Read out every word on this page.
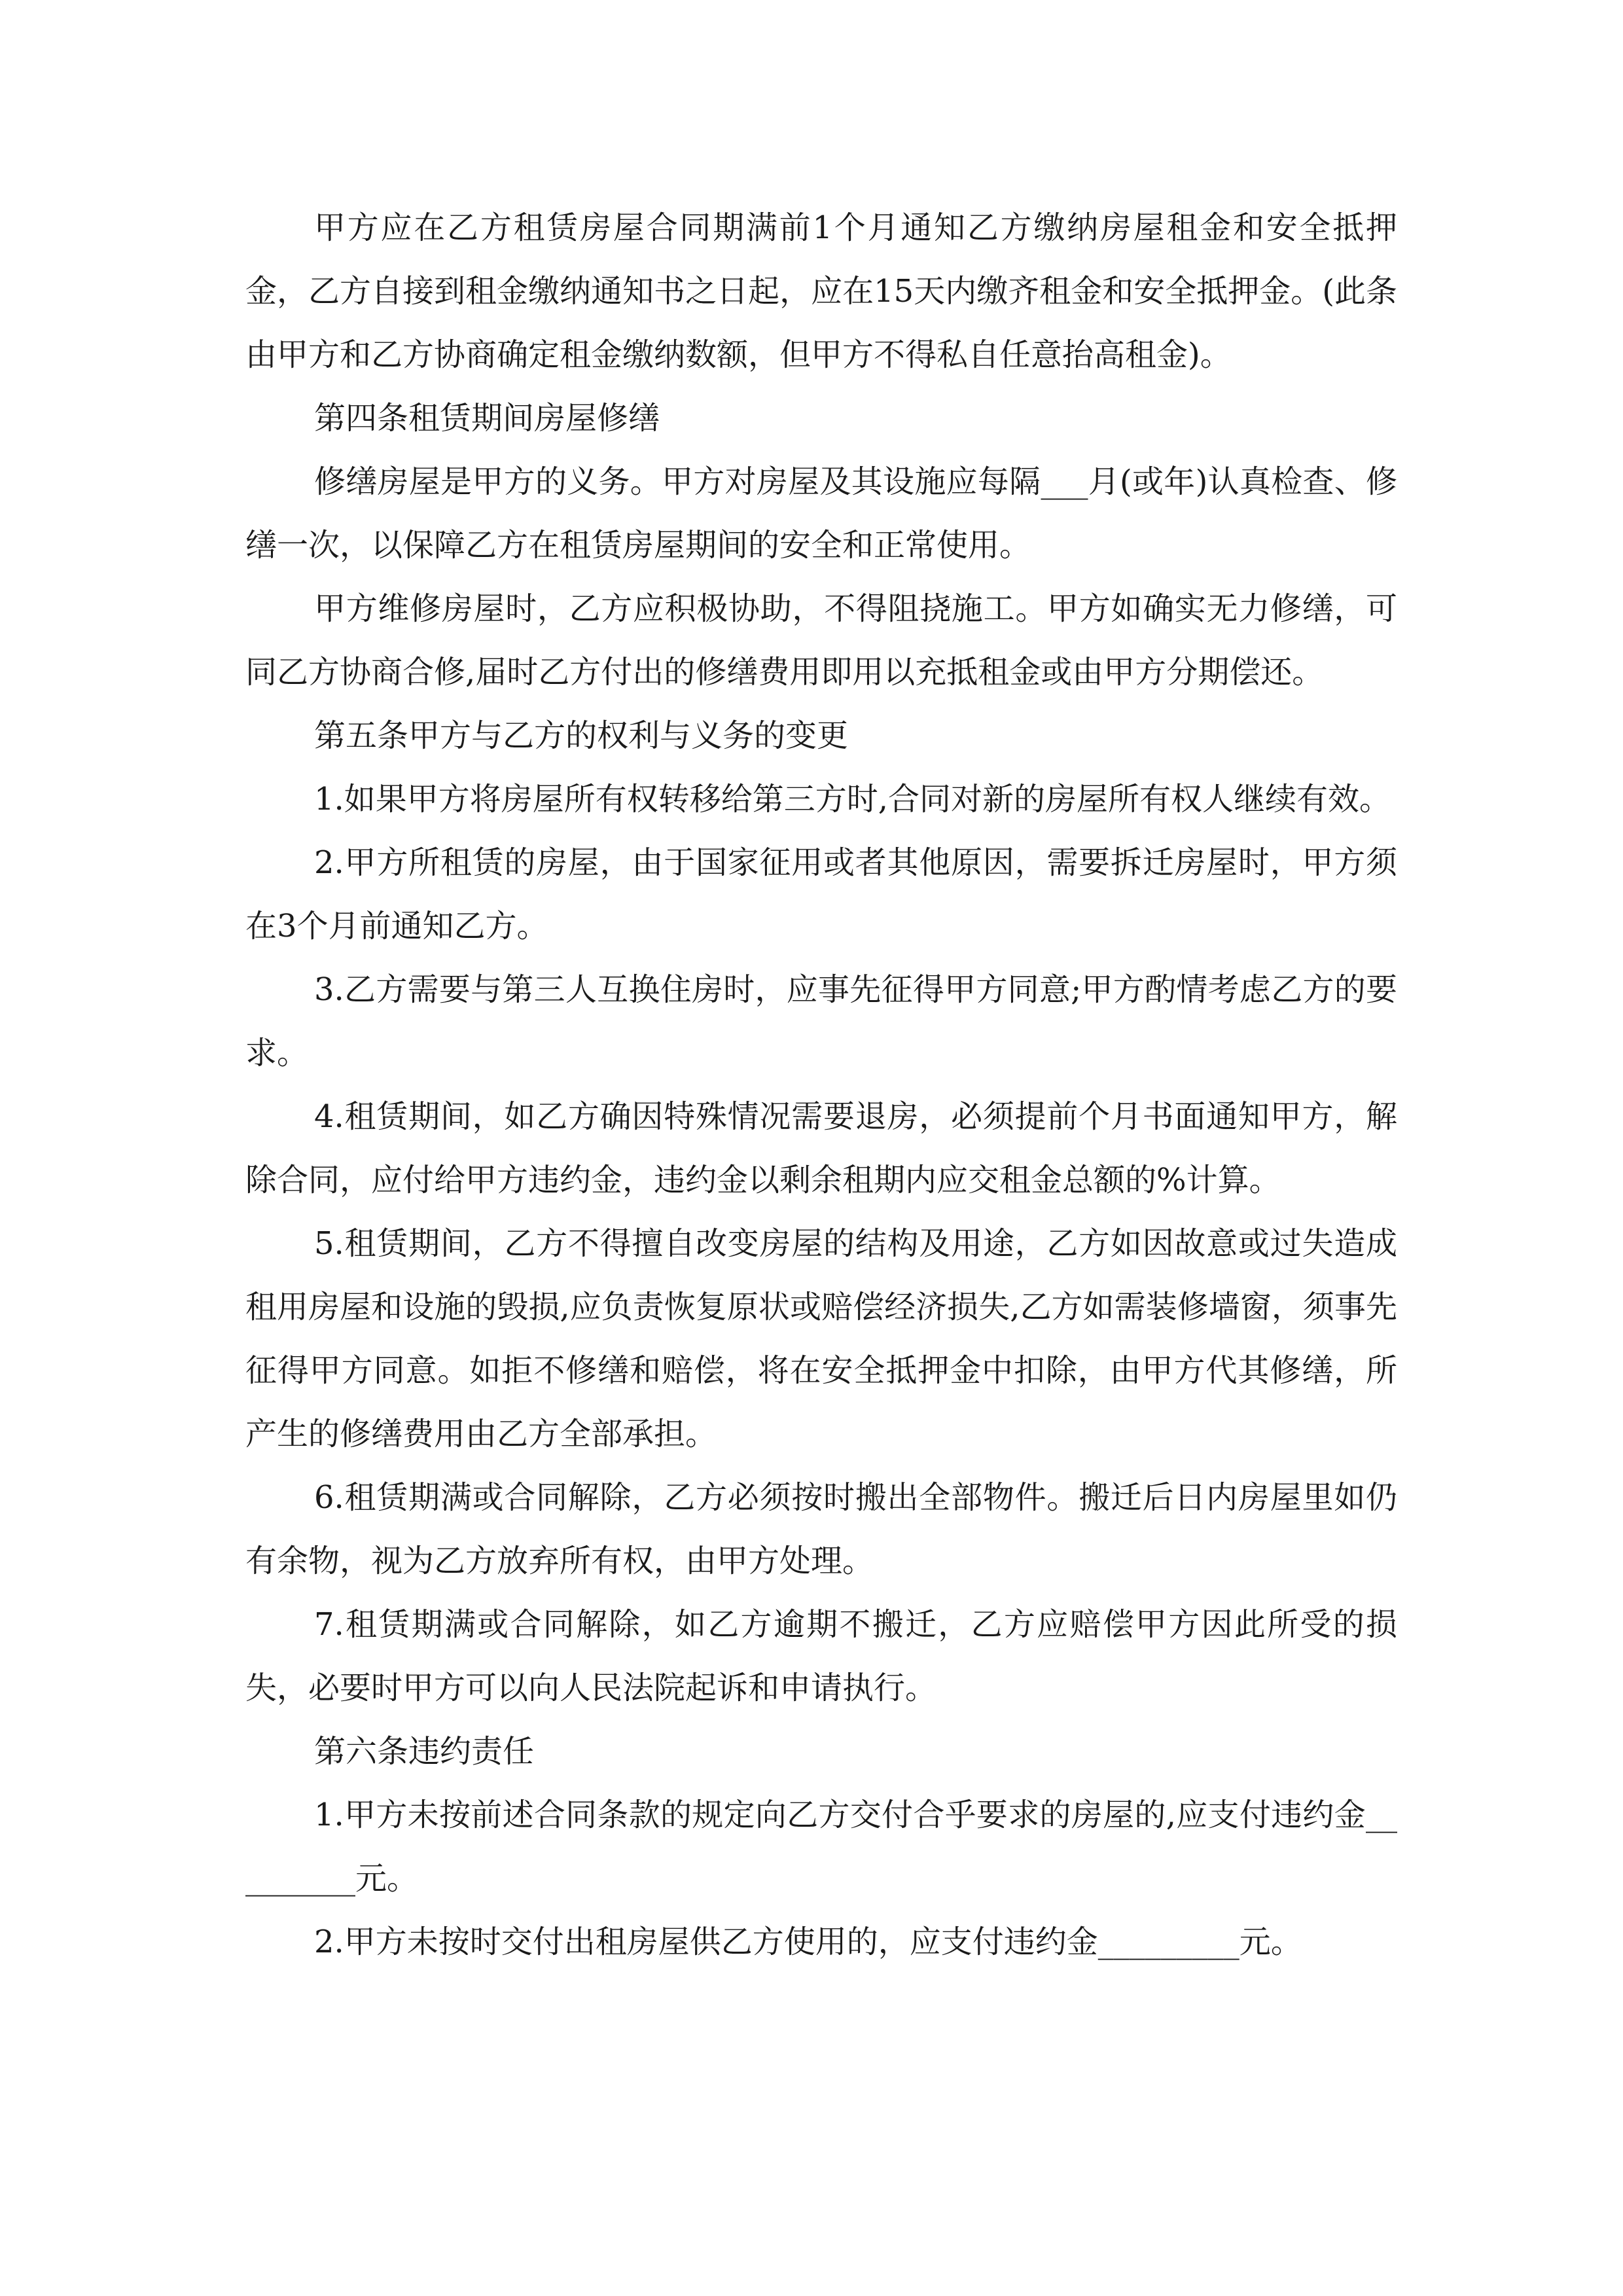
甲方应在乙方租赁房屋合同期满前1个月通知乙方缴纳房屋租金和安全抵押金，乙方自接到租金缴纳通知书之日起，应在15天内缴齐租金和安全抵押金。(此条由甲方和乙方协商确定租金缴纳数额，但甲方不得私自任意抬高租金)。

第四条租赁期间房屋修缮

修缮房屋是甲方的义务。甲方对房屋及其设施应每隔___月(或年)认真检查、修缮一次，以保障乙方在租赁房屋期间的安全和正常使用。

甲方维修房屋时，乙方应积极协助，不得阻挠施工。甲方如确实无力修缮，可同乙方协商合修,届时乙方付出的修缮费用即用以充抵租金或由甲方分期偿还。

第五条甲方与乙方的权利与义务的变更

1.如果甲方将房屋所有权转移给第三方时,合同对新的房屋所有权人继续有效。

2.甲方所租赁的房屋，由于国家征用或者其他原因，需要拆迁房屋时，甲方须在3个月前通知乙方。

3.乙方需要与第三人互换住房时，应事先征得甲方同意;甲方酌情考虑乙方的要求。

4.租赁期间，如乙方确因特殊情况需要退房，必须提前个月书面通知甲方，解除合同，应付给甲方违约金，违约金以剩余租期内应交租金总额的%计算。

5.租赁期间，乙方不得擅自改变房屋的结构及用途，乙方如因故意或过失造成租用房屋和设施的毁损,应负责恢复原状或赔偿经济损失,乙方如需装修墙窗，须事先征得甲方同意。如拒不修缮和赔偿，将在安全抵押金中扣除，由甲方代其修缮，所产生的修缮费用由乙方全部承担。

6.租赁期满或合同解除，乙方必须按时搬出全部物件。搬迁后日内房屋里如仍有余物，视为乙方放弃所有权，由甲方处理。

7.租赁期满或合同解除，如乙方逾期不搬迁，乙方应赔偿甲方因此所受的损失，必要时甲方可以向人民法院起诉和申请执行。

第六条违约责任

1.甲方未按前述合同条款的规定向乙方交付合乎要求的房屋的,应支付违约金_________元。

2.甲方未按时交付出租房屋供乙方使用的，应支付违约金_________元。
